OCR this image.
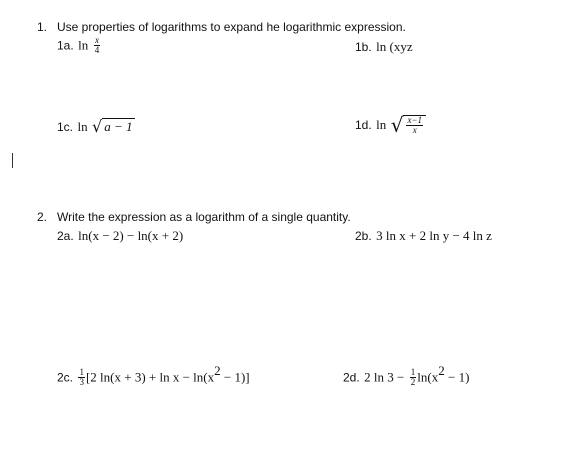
1. Use properties of logarithms to expand he logarithmic expression.
1a. $\ln \frac{x}{4}$	1b. ln (xyz
1c. ln √ a − 1	1d. ln √ $\frac{x-1}{x}$
2. Write the expression as a logarithm of a single quantity.
2a. ln(x − 2) − ln(x + 2)	2b. 3 ln x + 2 ln y − 4 ln z
2c. $\frac{1}{3} [2$ $\ln(x + 3) + \ln x - \ln(x^2 - 1)$]	2d. 2 $\ln 3 - \frac{1}{2} \ln(x^2 - 1)$
